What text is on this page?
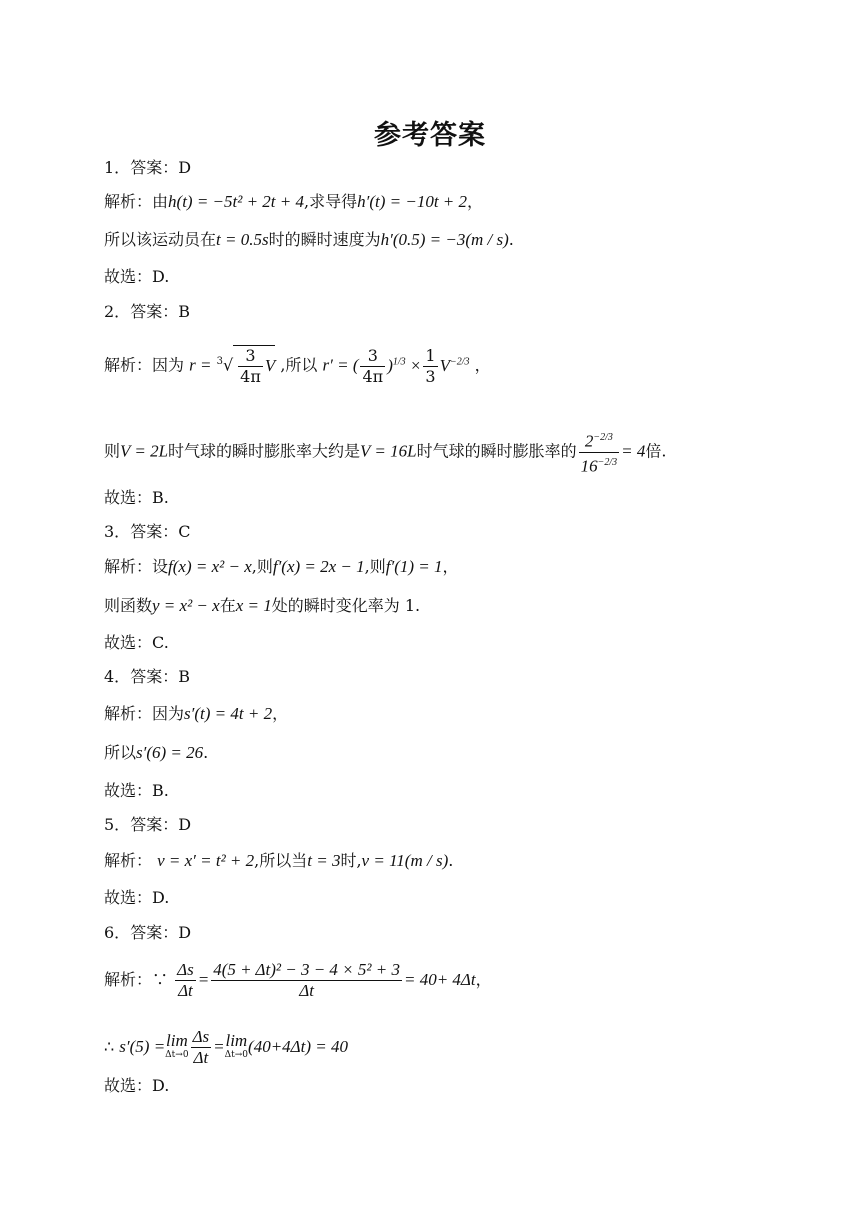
参考答案
1．答案：D
解析：由h(t) = −5t² + 2t + 4,求导得h′(t) = −10t + 2，
所以该运动员在t = 0.5s时的瞬时速度为h′(0.5) = −3(m / s).
故选：D.
2．答案：B
解析：因为 $r = ^3√ \frac{3}{4\pi}$ V ,所以 r′ = ( $\frac{3}{4\pi} )^{1/3} \times \frac{1}{3} V^{-2/3}$ ，
则V = 2L时气球的瞬时膨胀率大约是V = 16L时气球的瞬时膨胀率的 $\frac{2^{-2/3}}{16^{-2/3}} = 4$倍.
故选：B.
3．答案：C
解析：设f(x) = x² − x,则f′(x) = 2x − 1,则f′(1) = 1，
则函数y = x² − x在x = 1处的瞬时变化率为 1.
故选：C.
4．答案：B
解析：因为s′(t) = 4t + 2，
所以s′(6) = 26.
故选：B.
5．答案：D
解析： v = x′ = t² + 2,所以当t = 3时,v = 11(m / s).
故选：D.
6．答案：D
解析：∵ $\frac{\Delta s}{\Delta t} = \frac{\text{4(5 + Δt)² − 3 − 4 × 5² + 3}}{\Delta t} = 40+ 4\Delta t$，
∴ s′(5) =lim
$\Delta t\to 0 \frac{\Delta s}{\Delta t} =\lim$
Δt→0 (40+4Δt) = 40
故选：D.
